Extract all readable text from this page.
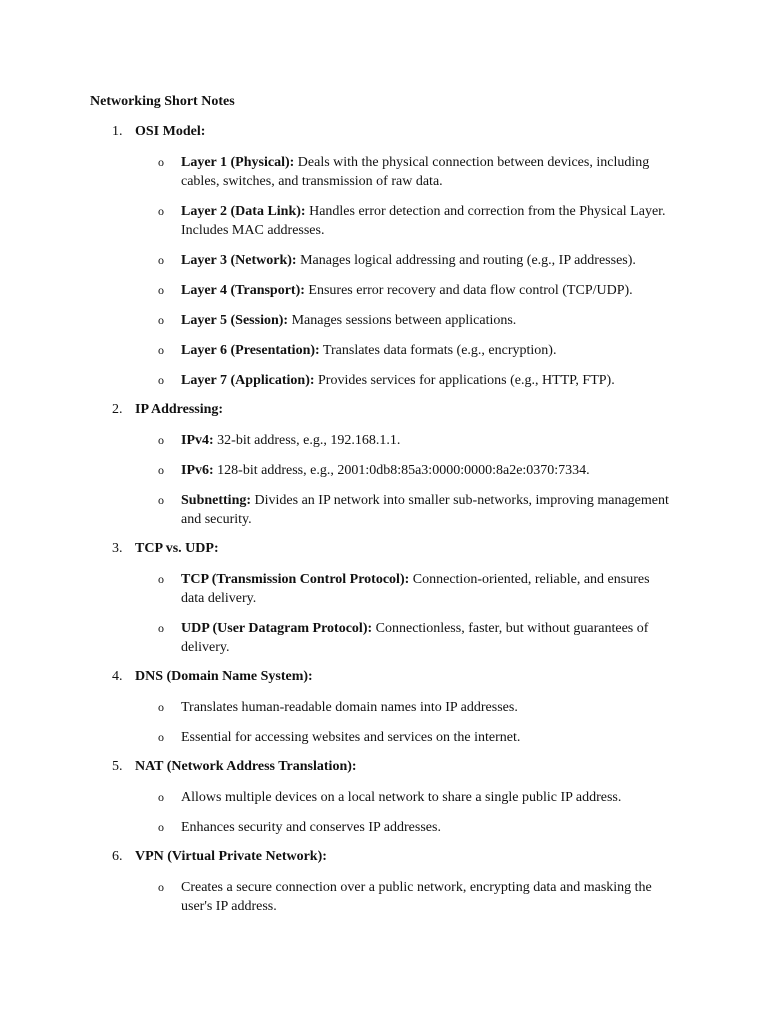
Networking Short Notes
1. OSI Model:
o Layer 1 (Physical): Deals with the physical connection between devices, including cables, switches, and transmission of raw data.
o Layer 2 (Data Link): Handles error detection and correction from the Physical Layer. Includes MAC addresses.
o Layer 3 (Network): Manages logical addressing and routing (e.g., IP addresses).
o Layer 4 (Transport): Ensures error recovery and data flow control (TCP/UDP).
o Layer 5 (Session): Manages sessions between applications.
o Layer 6 (Presentation): Translates data formats (e.g., encryption).
o Layer 7 (Application): Provides services for applications (e.g., HTTP, FTP).
2. IP Addressing:
o IPv4: 32-bit address, e.g., 192.168.1.1.
o IPv6: 128-bit address, e.g., 2001:0db8:85a3:0000:0000:8a2e:0370:7334.
o Subnetting: Divides an IP network into smaller sub-networks, improving management and security.
3. TCP vs. UDP:
o TCP (Transmission Control Protocol): Connection-oriented, reliable, and ensures data delivery.
o UDP (User Datagram Protocol): Connectionless, faster, but without guarantees of delivery.
4. DNS (Domain Name System):
o Translates human-readable domain names into IP addresses.
o Essential for accessing websites and services on the internet.
5. NAT (Network Address Translation):
o Allows multiple devices on a local network to share a single public IP address.
o Enhances security and conserves IP addresses.
6. VPN (Virtual Private Network):
o Creates a secure connection over a public network, encrypting data and masking the user's IP address.
